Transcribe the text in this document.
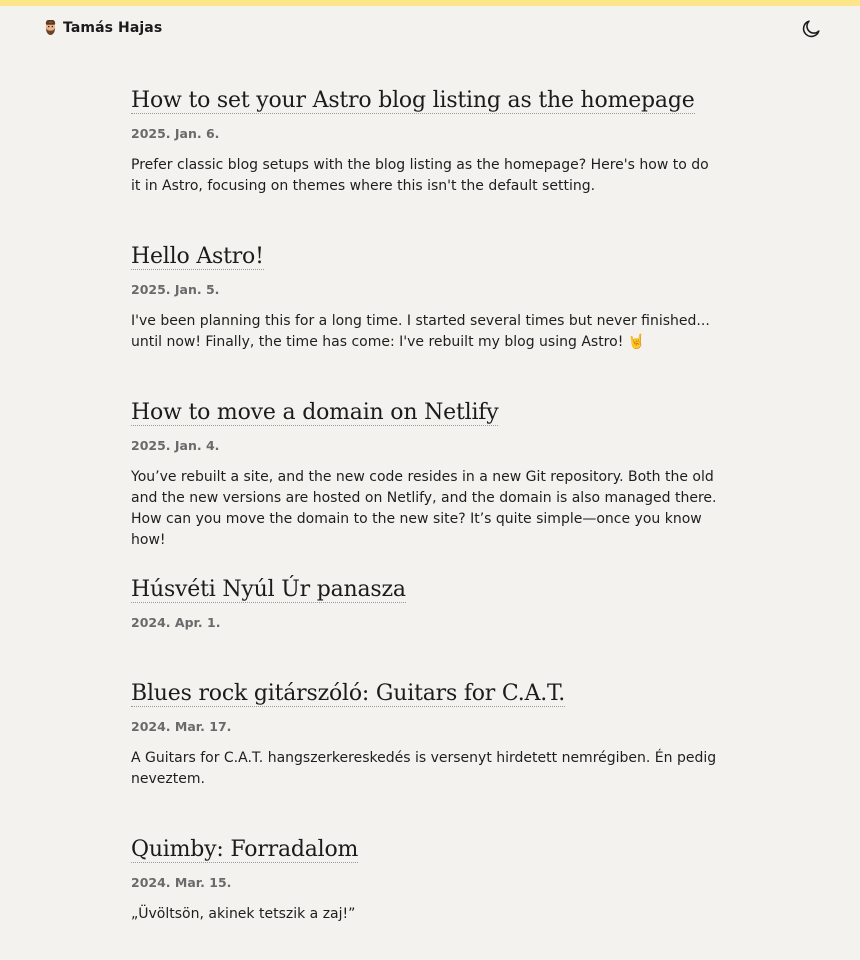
Tamás Hajas
How to set your Astro blog listing as the homepage
2025. Jan. 6.

Prefer classic blog setups with the blog listing as the homepage? Here's how to do it in Astro, focusing on themes where this isn't the default setting.

Hello Astro!
2025. Jan. 5.

I've been planning this for a long time. I started several times but never finished... until now! Finally, the time has come: I've rebuilt my blog using Astro! 🤘

How to move a domain on Netlify
2025. Jan. 4.

You’ve rebuilt a site, and the new code resides in a new Git repository. Both the old and the new versions are hosted on Netlify, and the domain is also managed there. How can you move the domain to the new site? It’s quite simple—once you know how!

Húsvéti Nyúl Úr panasza
2024. Apr. 1.
Blues rock gitárszóló: Guitars for C.A.T.
2024. Mar. 17.

A Guitars for C.A.T. hangszerkereskedés is versenyt hirdetett nemrégiben. Én pedig neveztem.

Quimby: Forradalom
2024. Mar. 15.

„Üvöltsön, akinek tetszik a zaj!”
